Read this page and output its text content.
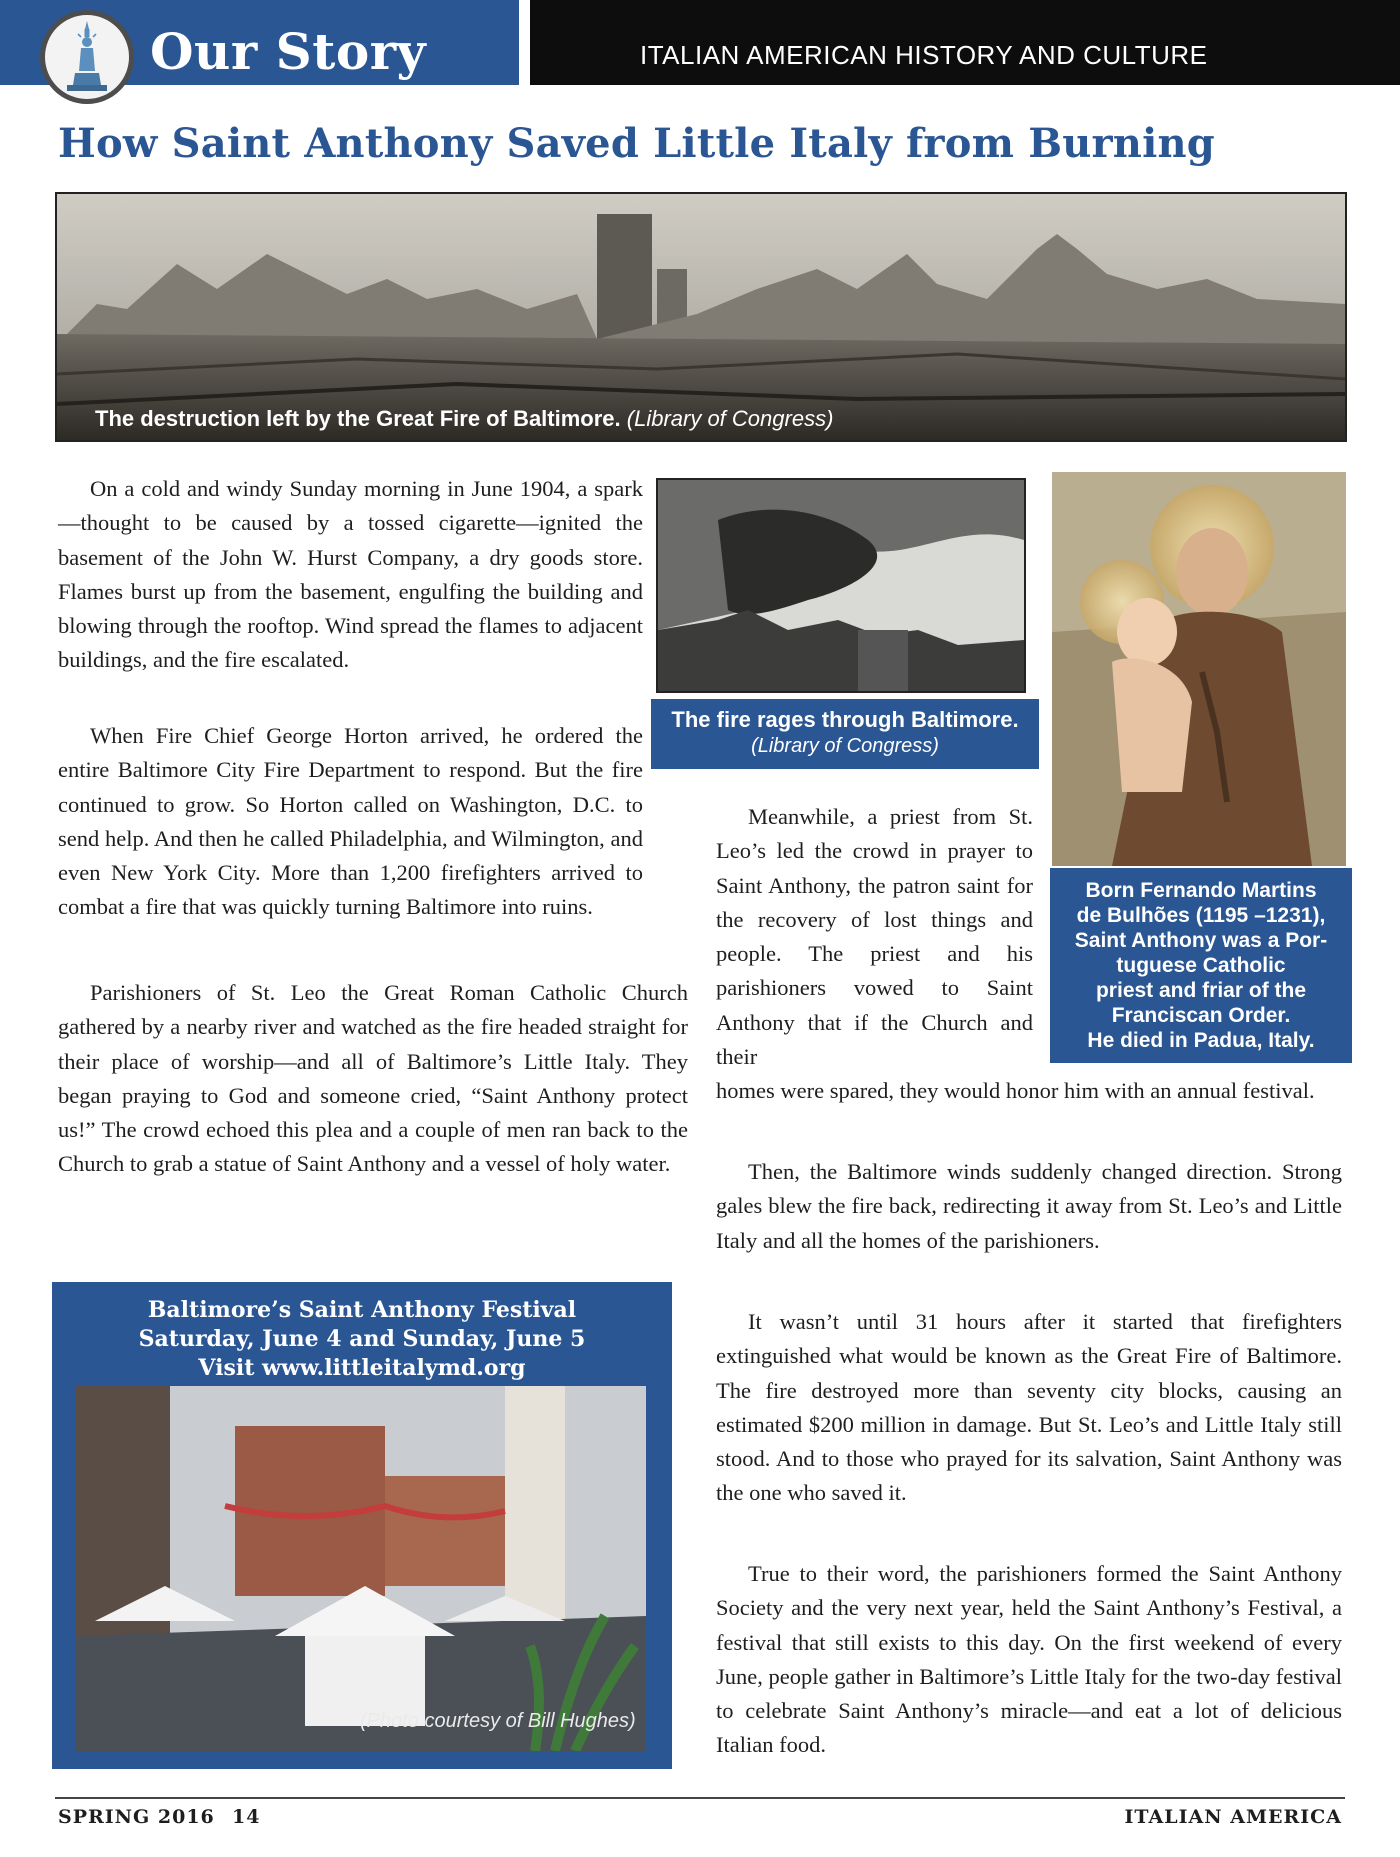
Our Story	ITALIAN AMERICAN HISTORY AND CULTURE
How Saint Anthony Saved Little Italy from Burning
The destruction left by the Great Fire of Baltimore. (Library of Congress)

On a cold and windy Sunday morning in June 1904, a spark—thought to be caused by a tossed cigarette—ignited the basement of the John W. Hurst Company, a dry goods store. Flames burst up from the basement, engulfing the building and blowing through the rooftop. Wind spread the flames to adjacent buildings, and the fire escalated.

When Fire Chief George Horton arrived, he ordered the entire Baltimore City Fire Department to respond. But the fire continued to grow. So Horton called on Washington, D.C. to send help. And then he called Philadelphia, and Wilmington, and even New York City. More than 1,200 firefighters arrived to combat a fire that was quickly turning Baltimore into ruins.

Parishioners of St. Leo the Great Roman Catholic Church gathered by a nearby river and watched as the fire headed straight for their place of worship—and all of Baltimore’s Little Italy. They began praying to God and someone cried, “Saint Anthony protect us!” The crowd echoed this plea and a couple of men ran back to the Church to grab a statue of Saint Anthony and a vessel of holy water.

Meanwhile, a priest from St. Leo’s led the crowd in prayer to Saint Anthony, the patron saint for the recovery of lost things and people. The priest and his parishioners vowed to Saint Anthony that if the Church and their

homes were spared, they would honor him with an annual festival.

Then, the Baltimore winds suddenly changed direction. Strong gales blew the fire back, redirecting it away from St. Leo’s and Little Italy and all the homes of the parishioners.

It wasn’t until 31 hours after it started that firefighters extinguished what would be known as the Great Fire of Baltimore. The fire destroyed more than seventy city blocks, causing an estimated $200 million in damage. But St. Leo’s and Little Italy still stood. And to those who prayed for its salvation, Saint Anthony was the one who saved it.

True to their word, the parishioners formed the Saint Anthony Society and the very next year, held the Saint Anthony’s Festival, a festival that still exists to this day. On the first weekend of every June, people gather in Baltimore’s Little Italy for the two-day festival to celebrate Saint Anthony’s miracle—and eat a lot of delicious Italian food.

The fire rages through Baltimore.
(Library of Congress)
Born Fernando Martins
de Bulhões (1195 –1231),
Saint Anthony was a Por-
tuguese Catholic
priest and friar of the
Franciscan Order.
He died in Padua, Italy.
Baltimore’s Saint Anthony Festival
Saturday, June 4 and Sunday, June 5
Visit www.littleitalymd.org
(Photo courtesy of Bill Hughes)
SPRING 2016 14	ITALIAN AMERICA
